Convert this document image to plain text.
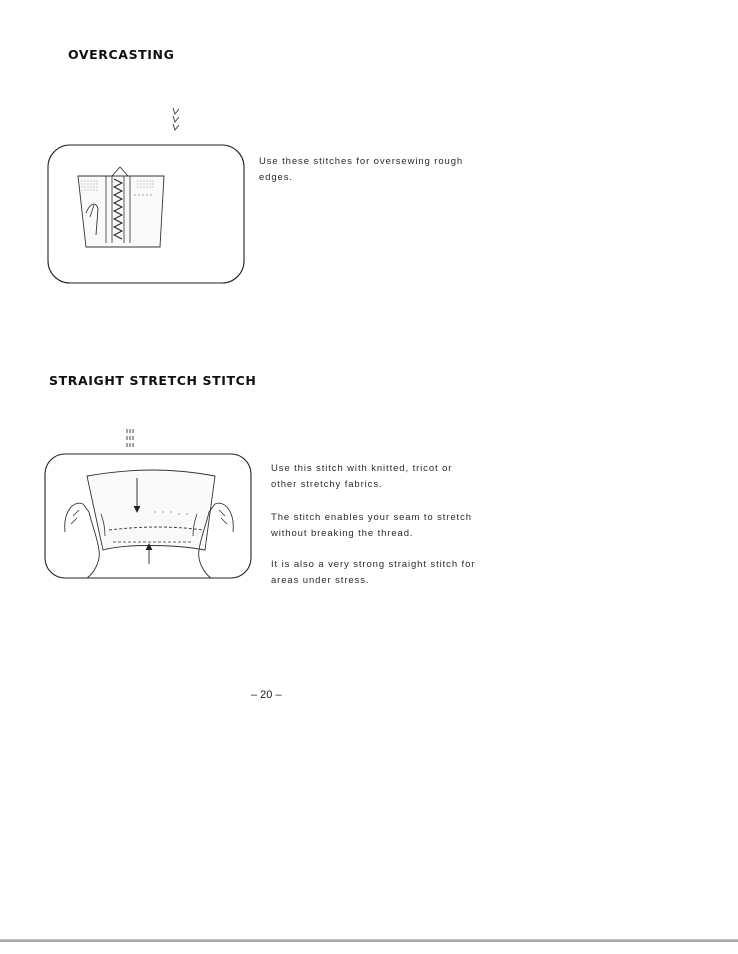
OVERCASTING
Use these stitches for oversewing rough edges.
STRAIGHT STRETCH STITCH
Use this stitch with knitted, tricot or other stretchy fabrics.
The stitch enables your seam to stretch without breaking the thread.
It is also a very strong straight stitch for areas under stress.
– 20 –
